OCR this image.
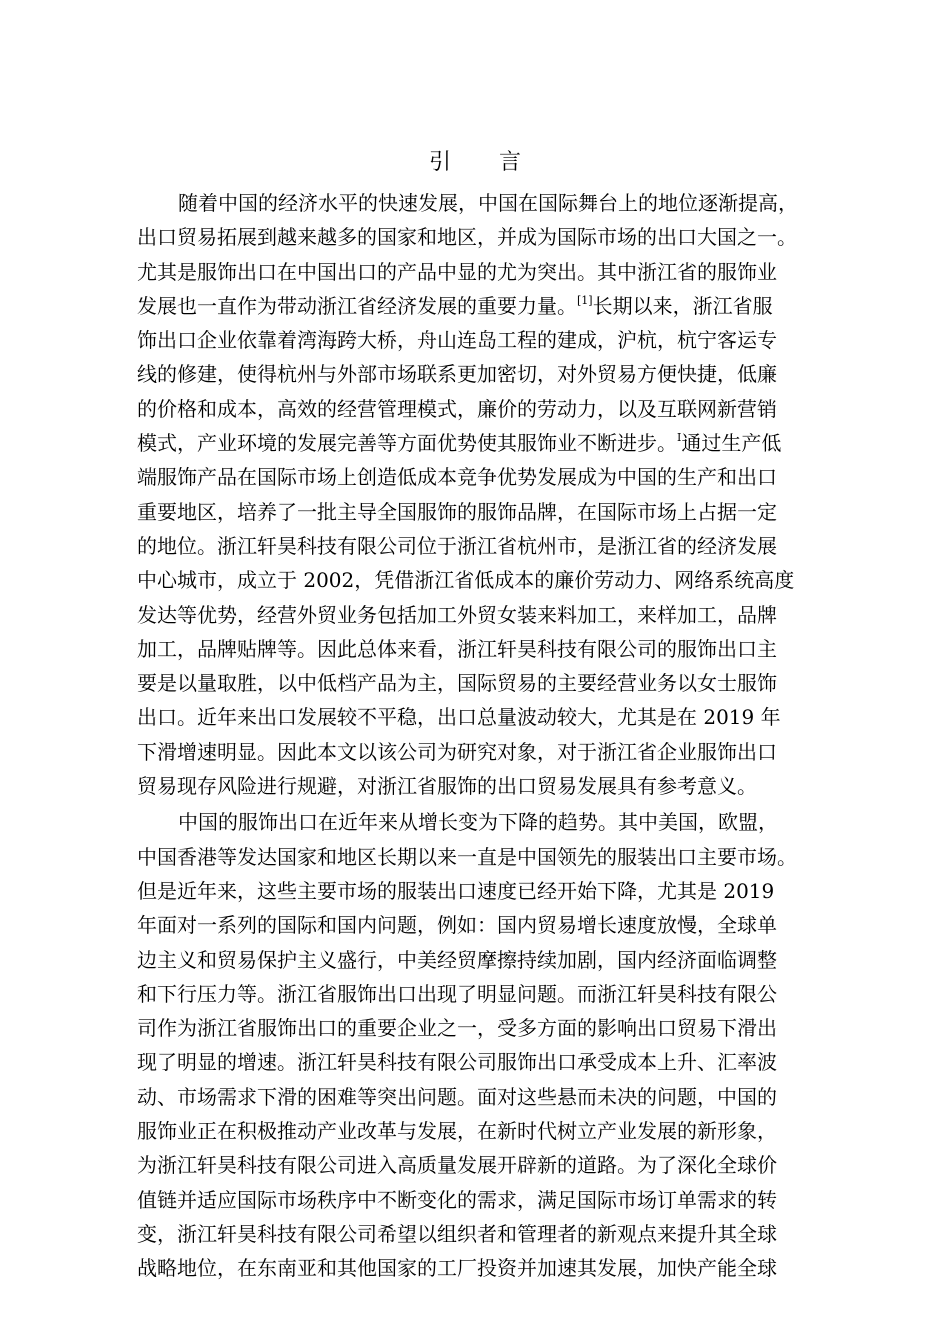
引 言
随着中国的经济水平的快速发展，中国在国际舞台上的地位逐渐提高，
出口贸易拓展到越来越多的国家和地区，并成为国际市场的出口大国之一。
尤其是服饰出口在中国出口的产品中显的尤为突出。其中浙江省的服饰业
发展也一直作为带动浙江省经济发展的重要力量。[1]长期以来，浙江省服
饰出口企业依靠着湾海跨大桥，舟山连岛工程的建成，沪杭，杭宁客运专
线的修建，使得杭州与外部市场联系更加密切，对外贸易方便快捷，低廉
的价格和成本，高效的经营管理模式，廉价的劳动力，以及互联网新营销
模式，产业环境的发展完善等方面优势使其服饰业不断进步。$^I$通过生产低
端服饰产品在国际市场上创造低成本竞争优势发展成为中国的生产和出口
重要地区，培养了一批主导全国服饰的服饰品牌，在国际市场上占据一定
的地位。浙江轩昊科技有限公司位于浙江省杭州市，是浙江省的经济发展
中心城市，成立于 2002，凭借浙江省低成本的廉价劳动力、网络系统高度
发达等优势，经营外贸业务包括加工外贸女装来料加工，来样加工，品牌
加工，品牌贴牌等。因此总体来看，浙江轩昊科技有限公司的服饰出口主
要是以量取胜，以中低档产品为主，国际贸易的主要经营业务以女士服饰
出口。近年来出口发展较不平稳，出口总量波动较大，尤其是在 2019 年
下滑增速明显。因此本文以该公司为研究对象，对于浙江省企业服饰出口
贸易现存风险进行规避，对浙江省服饰的出口贸易发展具有参考意义。
中国的服饰出口在近年来从增长变为下降的趋势。其中美国，欧盟，
中国香港等发达国家和地区长期以来一直是中国领先的服装出口主要市场。
但是近年来，这些主要市场的服装出口速度已经开始下降，尤其是 2019
年面对一系列的国际和国内问题，例如：国内贸易增长速度放慢，全球单
边主义和贸易保护主义盛行，中美经贸摩擦持续加剧，国内经济面临调整
和下行压力等。浙江省服饰出口出现了明显问题。而浙江轩昊科技有限公
司作为浙江省服饰出口的重要企业之一，受多方面的影响出口贸易下滑出
现了明显的增速。浙江轩昊科技有限公司服饰出口承受成本上升、汇率波
动、市场需求下滑的困难等突出问题。面对这些悬而未决的问题，中国的
服饰业正在积极推动产业改革与发展，在新时代树立产业发展的新形象，
为浙江轩昊科技有限公司进入高质量发展开辟新的道路。为了深化全球价
值链并适应国际市场秩序中不断变化的需求，满足国际市场订单需求的转
变，浙江轩昊科技有限公司希望以组织者和管理者的新观点来提升其全球
战略地位，在东南亚和其他国家的工厂投资并加速其发展，加快产能全球
